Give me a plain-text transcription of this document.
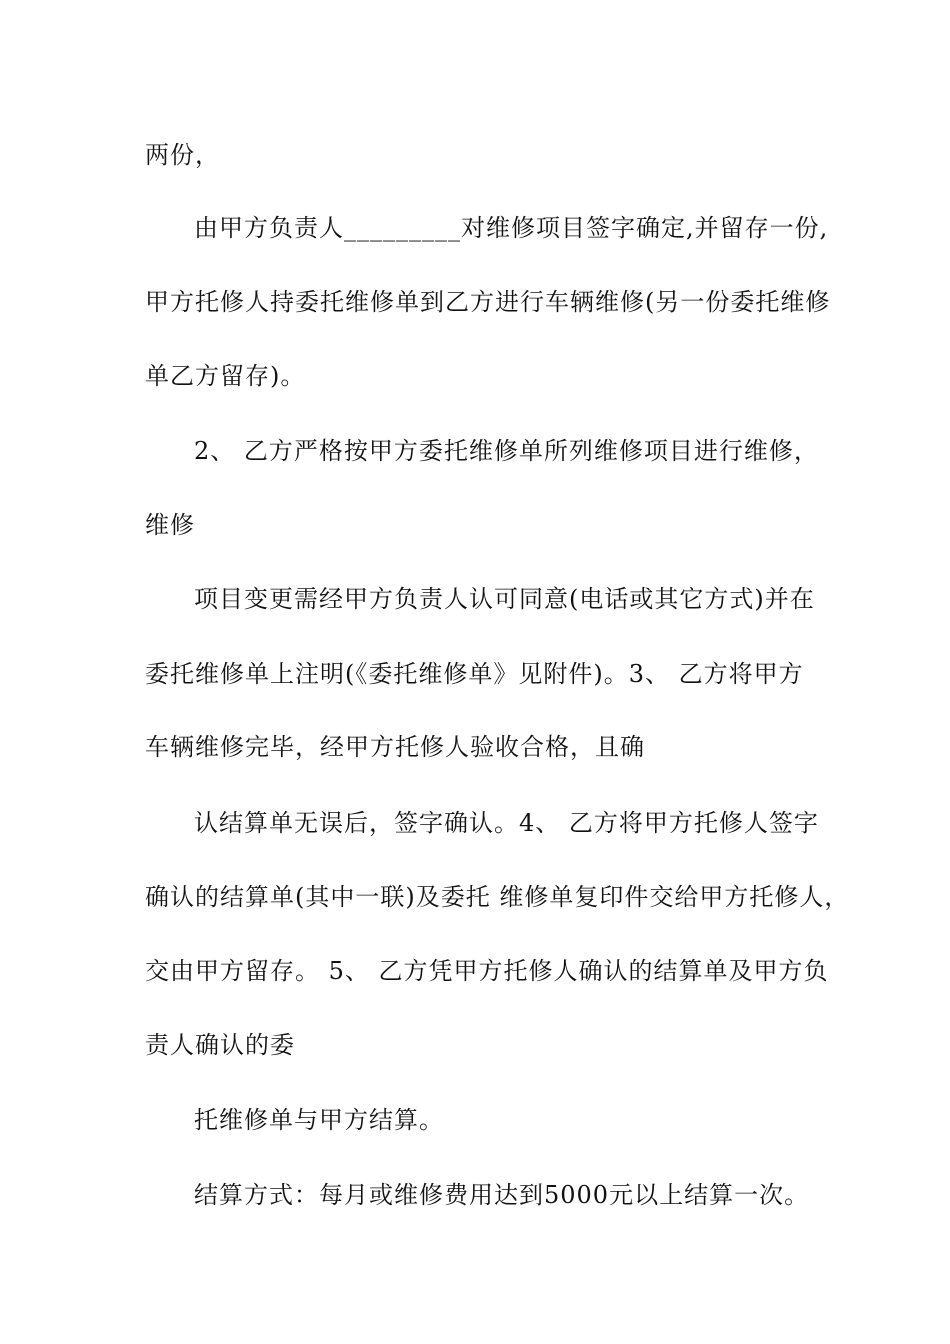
两份，
由甲方负责人_________对维修项目签字确定,并留存一份,
甲方托修人持委托维修单到乙方进行车辆维修(另一份委托维修
单乙方留存)。
2、 乙方严格按甲方委托维修单所列维修项目进行维修，
维修
项目变更需经甲方负责人认可同意(电话或其它方式)并在
委托维修单上注明(《委托维修单》见附件)。3、 乙方将甲方
车辆维修完毕，经甲方托修人验收合格，且确
认结算单无误后，签字确认。4、 乙方将甲方托修人签字
确认的结算单(其中一联)及委托 维修单复印件交给甲方托修人，
交由甲方留存。 5、 乙方凭甲方托修人确认的结算单及甲方负
责人确认的委
托维修单与甲方结算。
结算方式：每月或维修费用达到5000元以上结算一次。
